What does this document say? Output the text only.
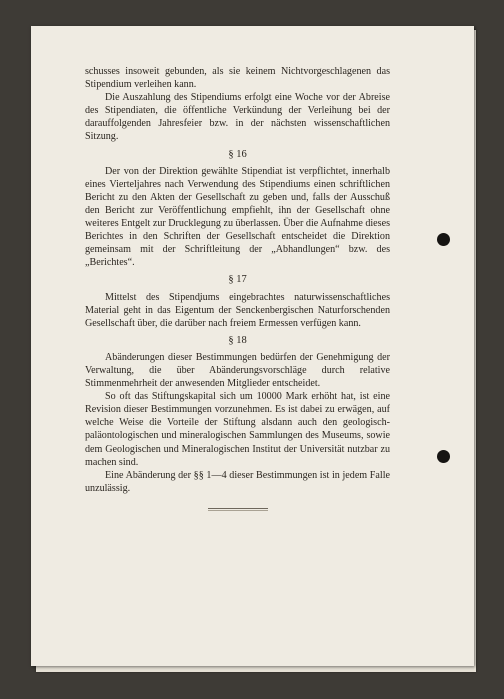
schusses insoweit gebunden, als sie keinem Nichtvorgeschlagenen das Stipendium verleihen kann.

Die Auszahlung des Stipendiums erfolgt eine Woche vor der Abreise des Stipendiaten, die öffentliche Verkündung der Verleihung bei der darauffolgenden Jahresfeier bzw. in der nächsten wissenschaftlichen Sitzung.

§ 16

Der von der Direktion gewählte Stipendiat ist verpflichtet, innerhalb eines Vierteljahres nach Verwendung des Stipendiums einen schriftlichen Bericht zu den Akten der Gesellschaft zu geben und, falls der Ausschuß den Bericht zur Veröffentlichung empfiehlt, ihn der Gesellschaft ohne weiteres Entgelt zur Drucklegung zu überlassen. Über die Aufnahme dieses Berichtes in den Schriften der Gesellschaft entscheidet die Direktion gemeinsam mit der Schriftleitung der „Abhandlungen“ bzw. des „Berichtes“.

§ 17

Mittelst des Stipendiums eingebrachtes naturwissenschaftliches Material geht in das Eigentum der Senckenbergischen Naturforschenden Gesellschaft über, die darüber nach freiem Ermessen verfügen kann.

§ 18

Abänderungen dieser Bestimmungen bedürfen der Genehmigung der Verwaltung, die über Abänderungsvorschläge durch relative Stimmenmehrheit der anwesenden Mitglieder entscheidet.

So oft das Stiftungskapital sich um 10000 Mark erhöht hat, ist eine Revision dieser Bestimmungen vorzunehmen. Es ist dabei zu erwägen, auf welche Weise die Vorteile der Stiftung alsdann auch den geologisch-paläontologischen und mineralogischen Sammlungen des Museums, sowie dem Geologischen und Mineralogischen Institut der Universität nutzbar zu machen sind.

Eine Abänderung der §§ 1—4 dieser Bestimmungen ist in jedem Falle unzulässig.
